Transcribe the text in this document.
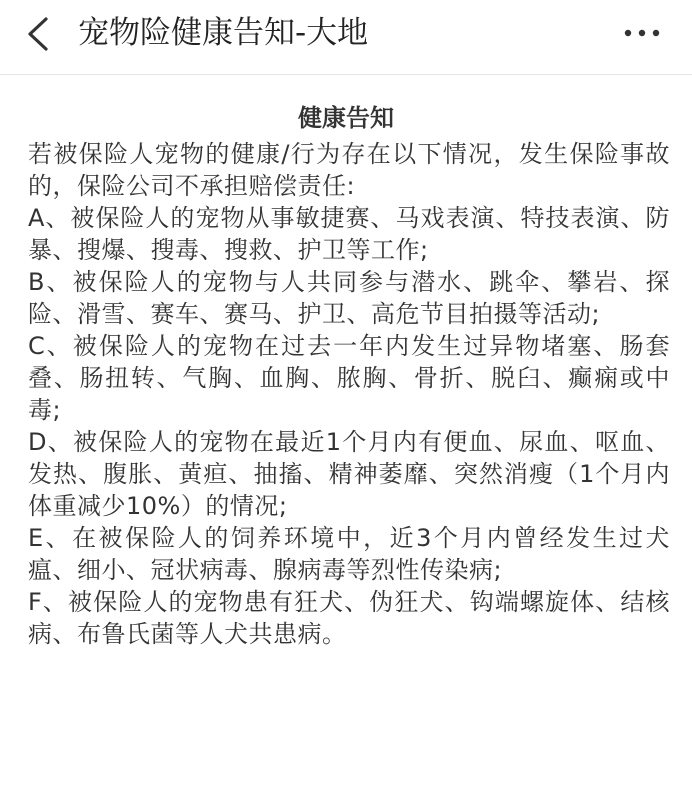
宠物险健康告知-大地

健康告知

若被保险人宠物的健康/行为存在以下情况，发生保险事故的，保险公司不承担赔偿责任:

A、被保险人的宠物从事敏捷赛、马戏表演、特技表演、防暴、搜爆、搜毒、搜救、护卫等工作;

B、被保险人的宠物与人共同参与潜水、跳伞、攀岩、探险、滑雪、赛车、赛马、护卫、高危节目拍摄等活动;

C、被保险人的宠物在过去一年内发生过异物堵塞、肠套叠、肠扭转、气胸、血胸、脓胸、骨折、脱臼、癫痫或中毒;

D、被保险人的宠物在最近1个月内有便血、尿血、呕血、发热、腹胀、黄疸、抽搐、精神萎靡、突然消瘦（1个月内体重减少10%）的情况;

E、在被保险人的饲养环境中，近3个月内曾经发生过犬瘟、细小、冠状病毒、腺病毒等烈性传染病;

F、被保险人的宠物患有狂犬、伪狂犬、钩端螺旋体、结核病、布鲁氏菌等人犬共患病。
